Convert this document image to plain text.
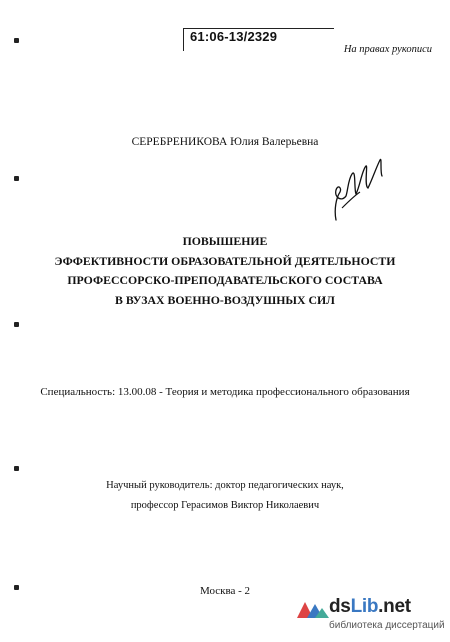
61:06-13/2329
На правах рукописи
СЕРЕБРЕНИКОВА Юлия Валерьевна
ПОВЫШЕНИЕ
ЭФФЕКТИВНОСТИ ОБРАЗОВАТЕЛЬНОЙ ДЕЯТЕЛЬНОСТИ
ПРОФЕССОРСКО-ПРЕПОДАВАТЕЛЬСКОГО СОСТАВА
В ВУЗАХ ВОЕННО-ВОЗДУШНЫХ СИЛ
Специальность: 13.00.08 - Теория и методика профессионального образования
Научный руководитель: доктор педагогических наук,
профессор Герасимов Виктор Николаевич
Москва - 2
dsLib.net
библиотека диссертаций
